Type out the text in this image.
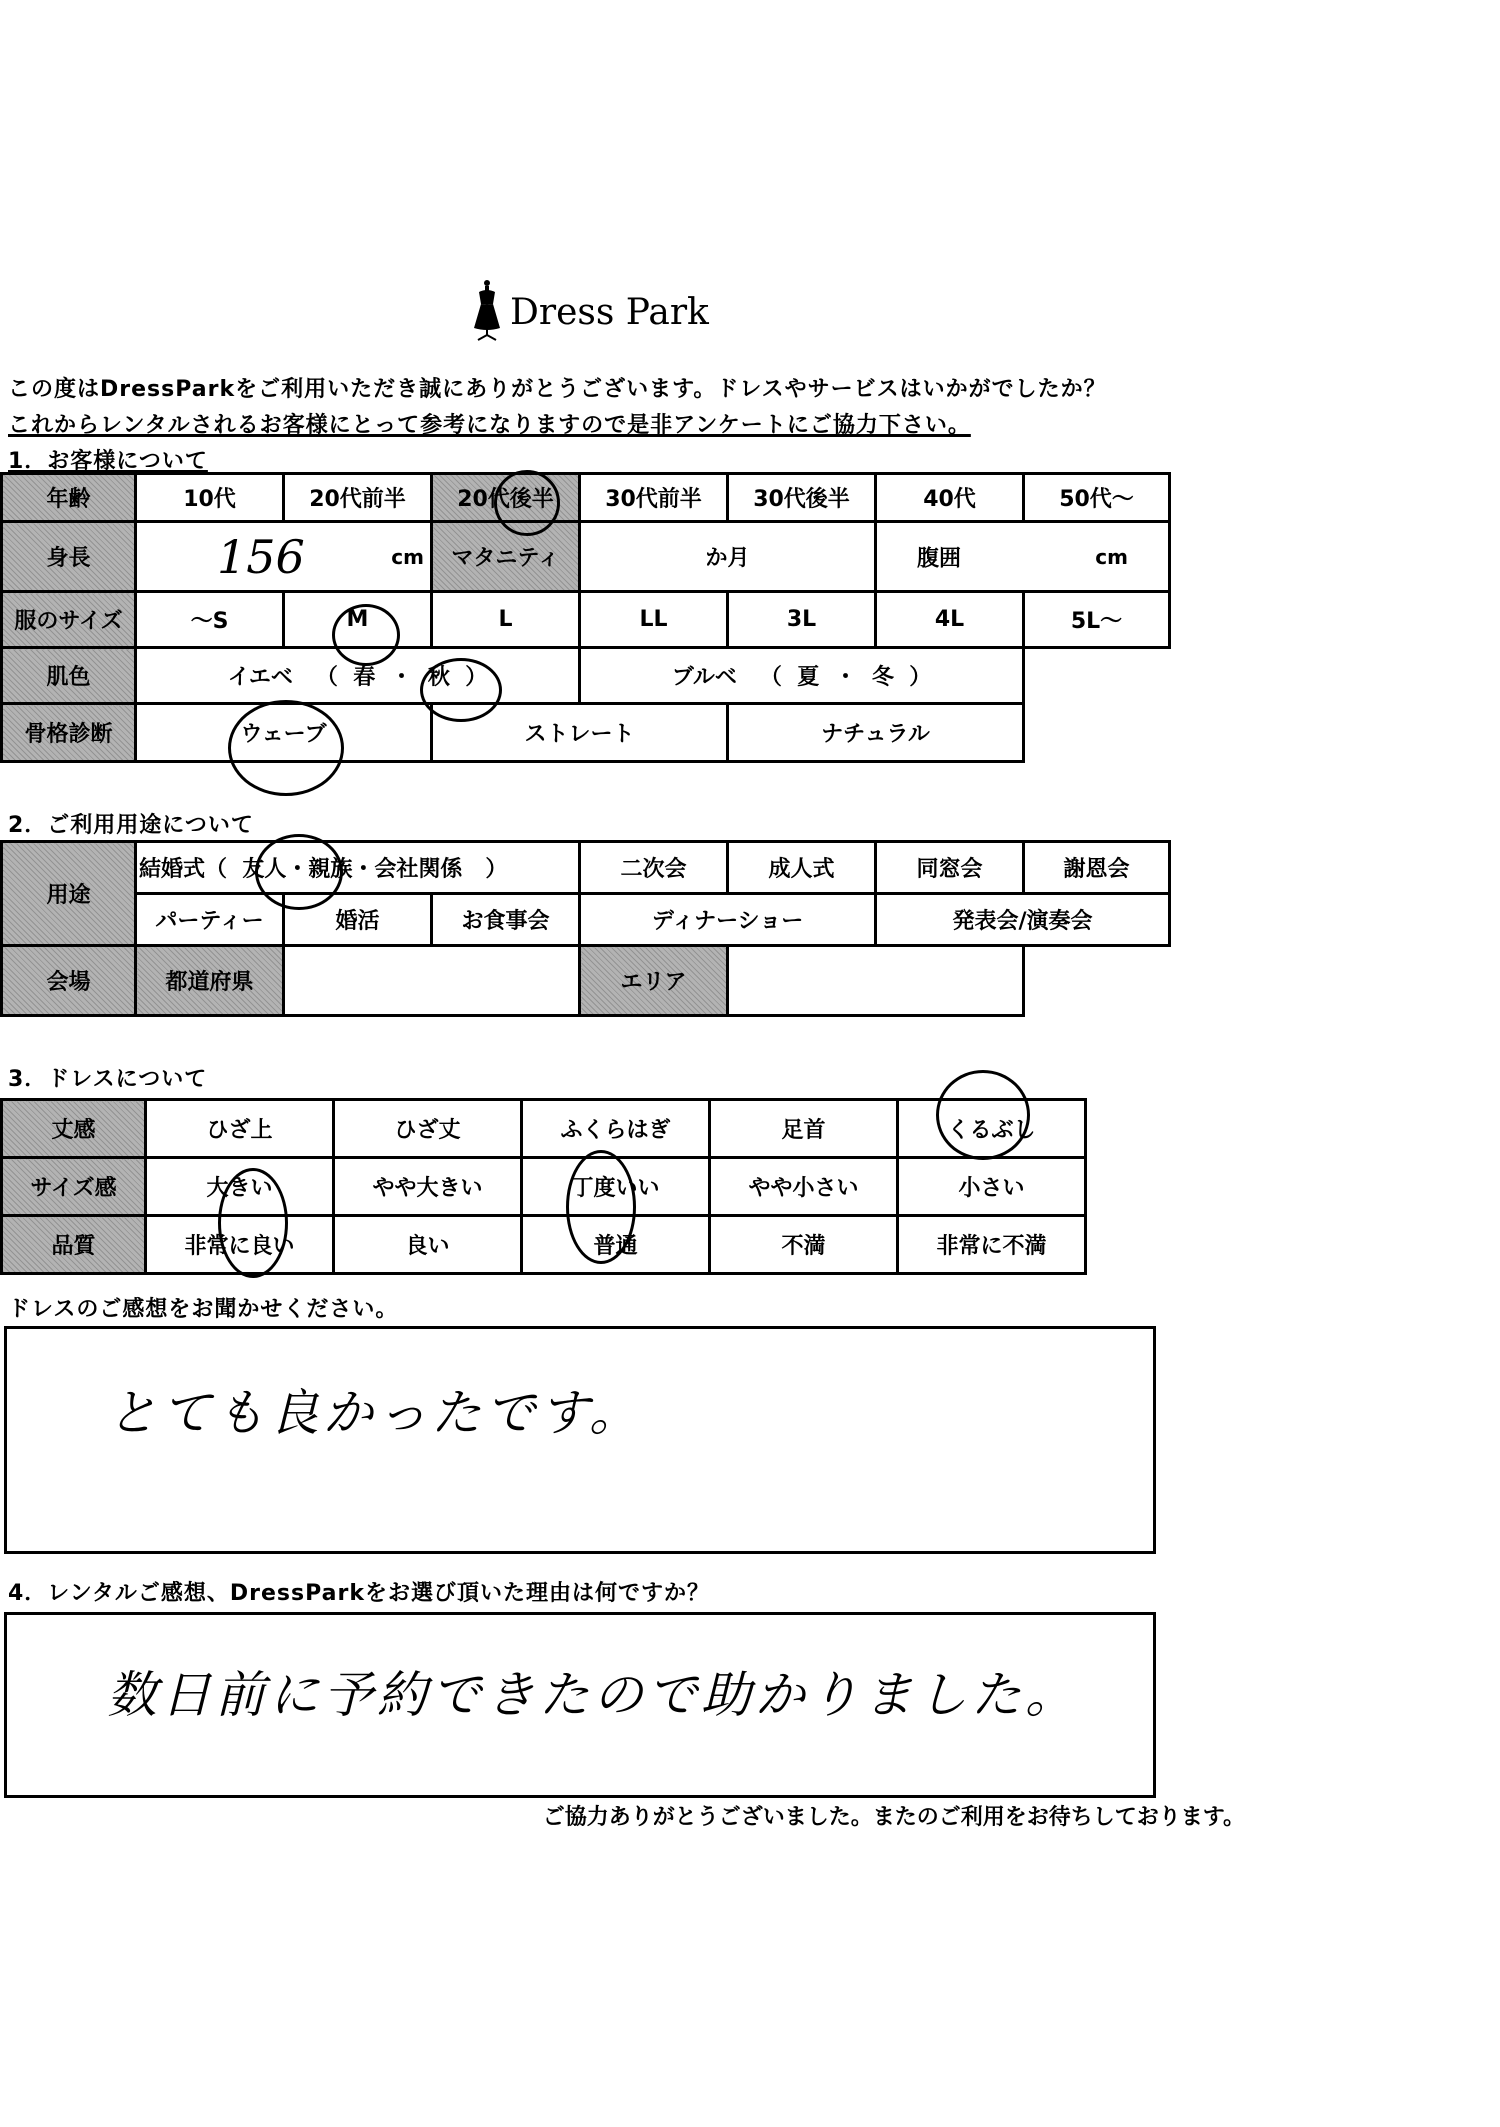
Dress Park
この度はDressParkをご利用いただき誠にありがとうございます。ドレスやサービスはいかがでしたか？
これからレンタルされるお客様にとって参考になりますので是非アンケートにご協力下さい。
1．お客様について
年齢	10代	20代前半	20代後半	30代前半	30代後半	40代	50代～
身長	156 cm		マタニティ	か月		腹囲 cm	

服のサイズ	～S	M	L	LL	3L	4L	5L～
肌色	イエベ （ 春 ・ 秋 ）			ブルベ （ 夏 ・ 冬 ）			
骨格診断	ウェーブ		ストレート		ナチュラル		
2．ご利用用途について
用途	結婚式（ 友人・親族・会社関係 ）			二次会	成人式	同窓会	謝恩会
	パーティー	婚活	お食事会	ディナーショー		発表会/演奏会	
会場	都道府県			エリア			
3．ドレスについて
丈感	ひざ上	ひざ丈	ふくらはぎ	足首	くるぶし
サイズ感	大きい	やや大きい	丁度いい	やや小さい	小さい
品質	非常に良い	良い	普通	不満	非常に不満
ドレスのご感想をお聞かせください。
とても良かったです。
4．レンタルご感想、DressParkをお選び頂いた理由は何ですか？
数日前に予約できたので助かりました。
ご協力ありがとうございました。またのご利用をお待ちしております。
